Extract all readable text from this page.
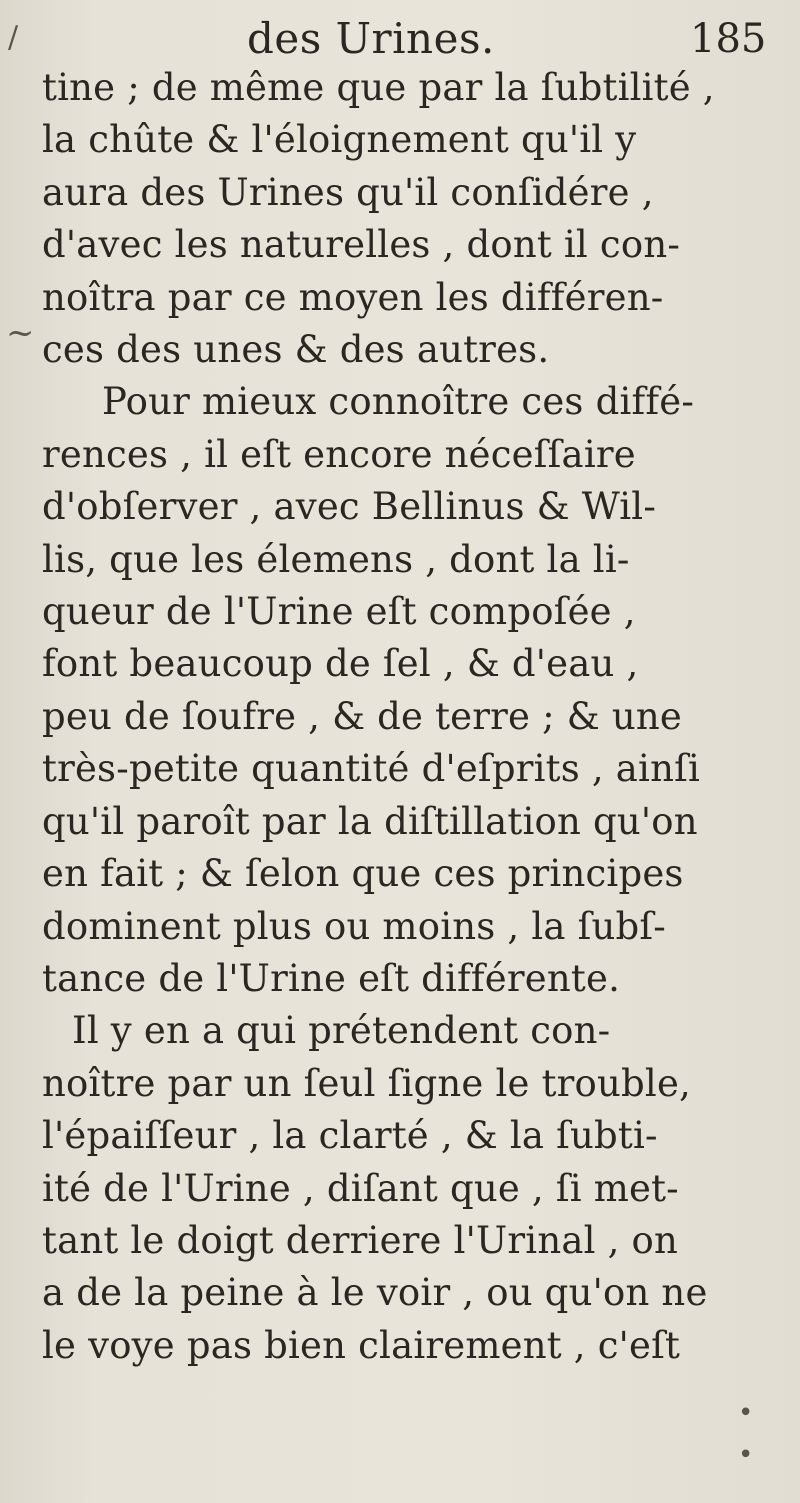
des Urines.	185
/
~
•
•
tine ; de même que par la ſubtilité ,
la chûte & l'éloignement qu'il y
aura des Urines qu'il conſidére ,
d'avec les naturelles , dont il con-
noîtra par ce moyen les différen-
ces des unes & des autres.
Pour mieux connoître ces diffé-
rences , il eſt encore néceſſaire
d'obſerver , avec Bellinus & Wil-
lis, que les élemens , dont la li-
queur de l'Urine eſt compoſée ,
font beaucoup de ſel , & d'eau ,
peu de ſoufre , & de terre ; & une
très-petite quantité d'eſprits , ainſi
qu'il paroît par la diſtillation qu'on
en fait ; & ſelon que ces principes
dominent plus ou moins , la ſubſ-
tance de l'Urine eſt différente.
Il y en a qui prétendent con-
noître par un ſeul ſigne le trouble,
l'épaiſſeur , la clarté , & la ſubti-
ité de l'Urine , diſant que , ſi met-
tant le doigt derriere l'Urinal , on
a de la peine à le voir , ou qu'on ne
le voye pas bien clairement , c'eſt
